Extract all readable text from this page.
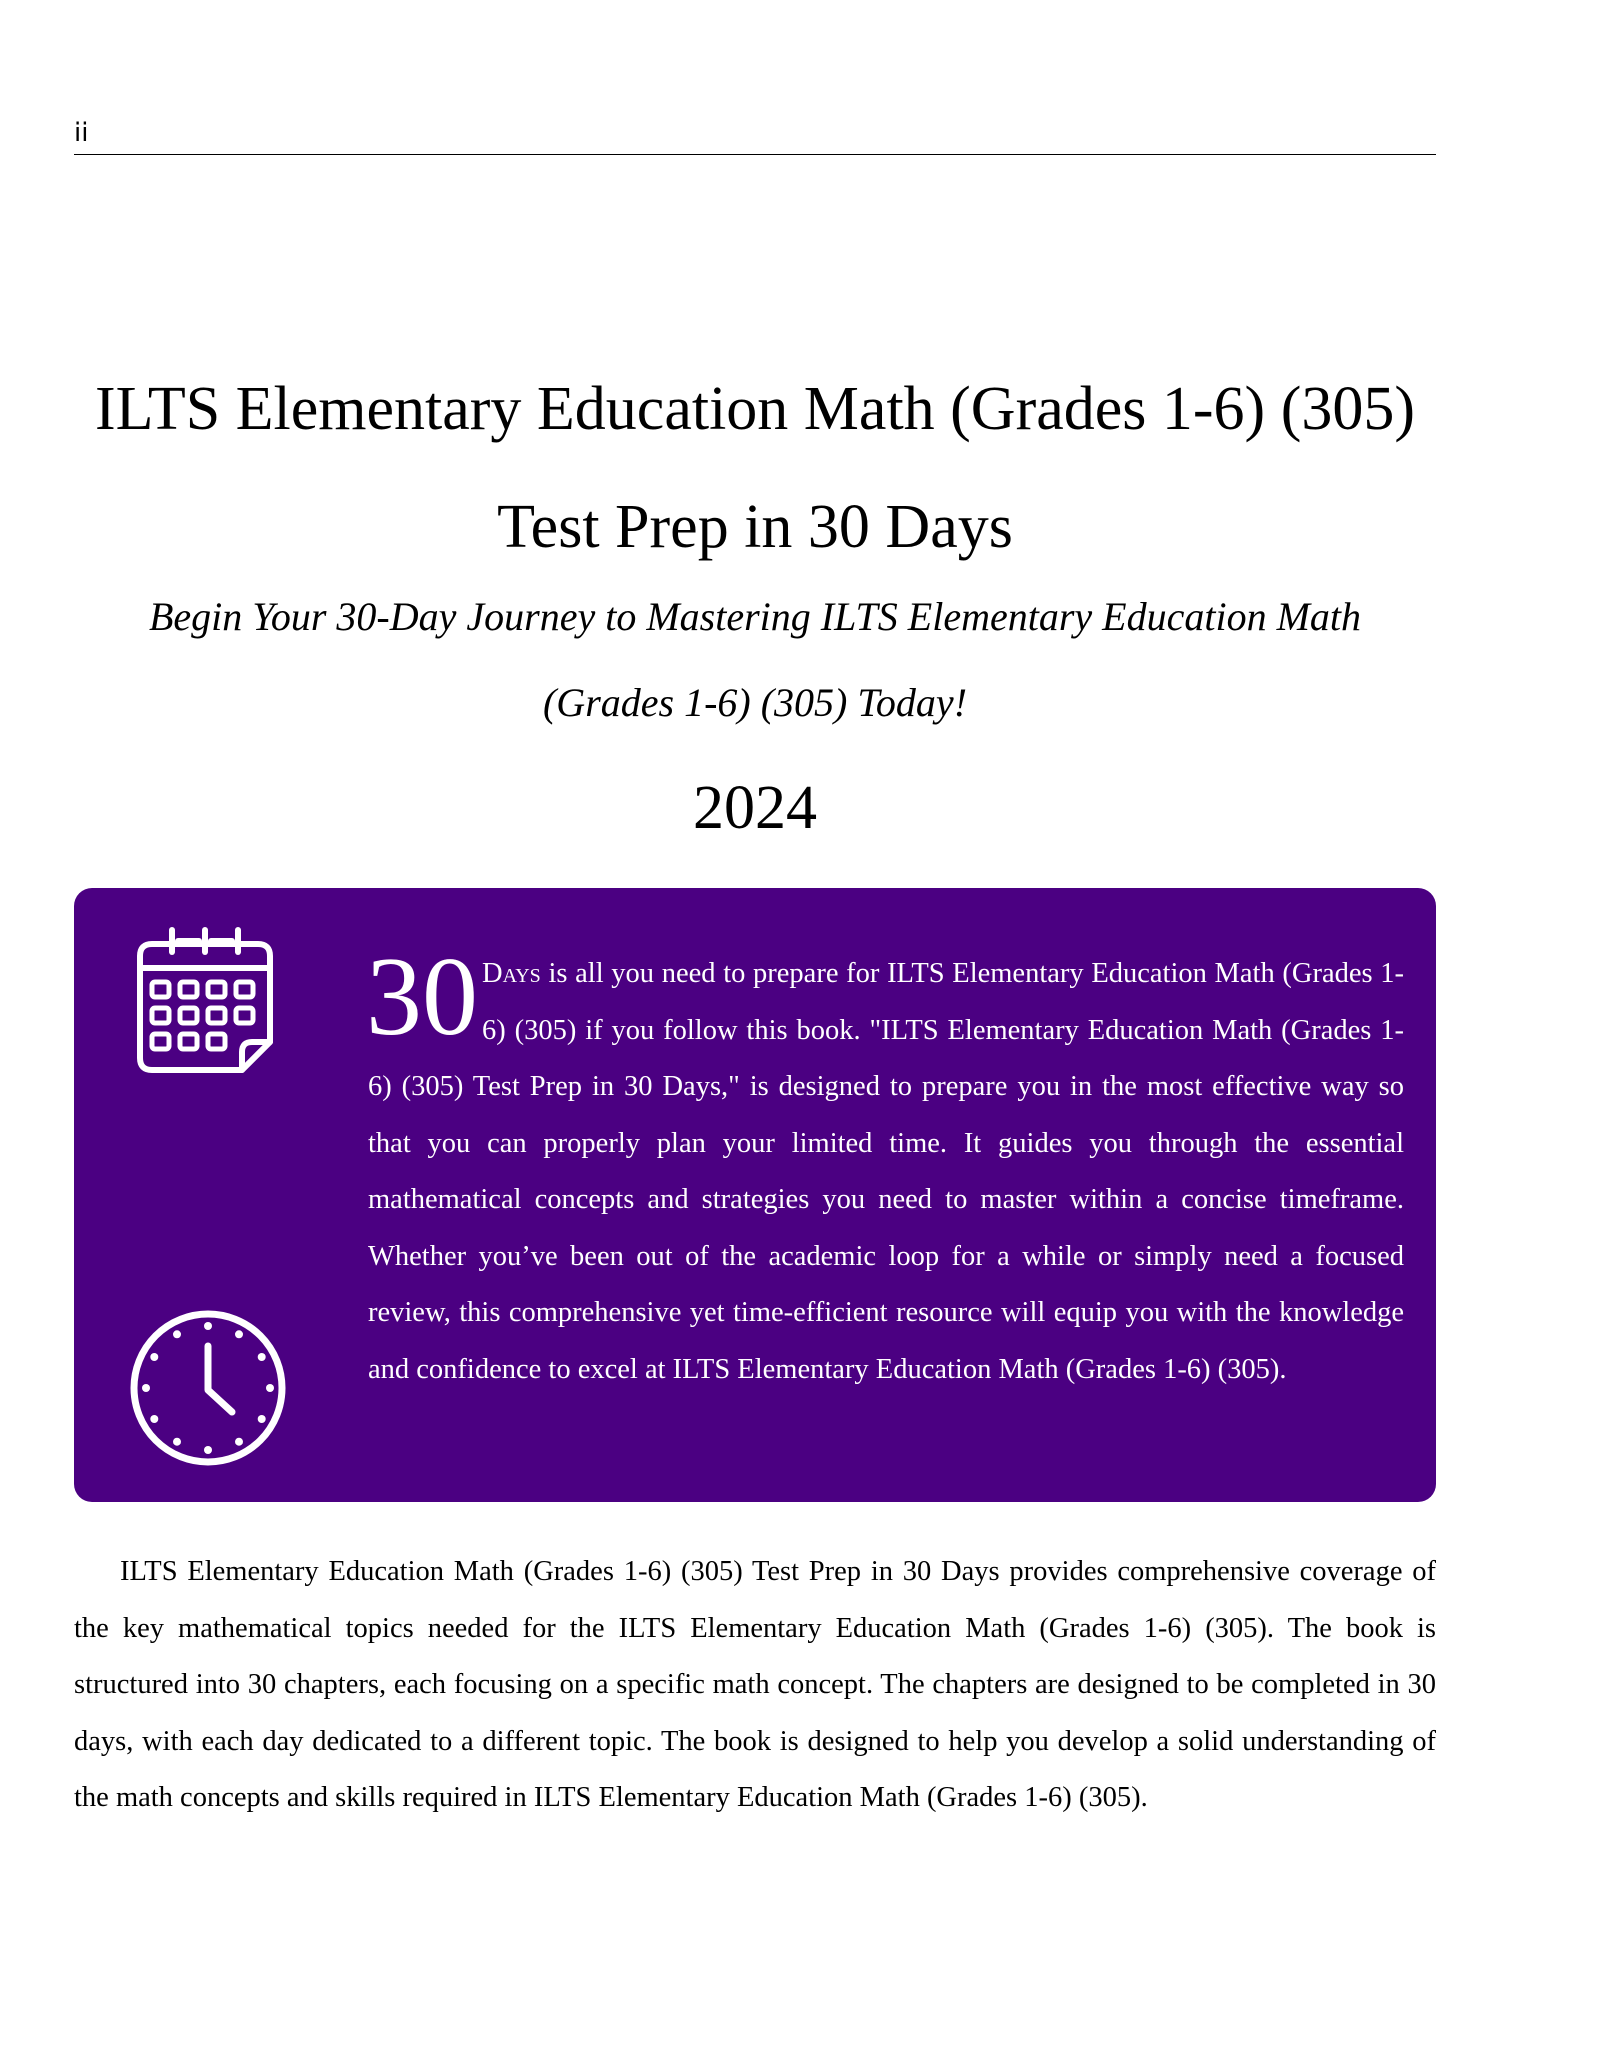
ii
ILTS Elementary Education Math (Grades 1-6) (305)
Test Prep in 30 Days

Begin Your 30-Day Journey to Mastering ILTS Elementary Education Math
(Grades 1-6) (305) Today!

2024

30 Days is all you need to prepare for ILTS Elementary Education Math (Grades 1-6) (305) if you follow this book. "ILTS Elementary Education Math (Grades 1-6) (305) Test Prep in 30 Days," is designed to prepare you in the most effective way so that you can properly plan your limited time. It guides you through the essential mathematical concepts and strategies you need to master within a concise timeframe. Whether you’ve been out of the academic loop for a while or simply need a focused review, this comprehensive yet time-efficient resource will equip you with the knowledge and confidence to excel at ILTS Elementary Education Math (Grades 1-6) (305).

ILTS Elementary Education Math (Grades 1-6) (305) Test Prep in 30 Days provides comprehensive coverage of the key mathematical topics needed for the ILTS Elementary Education Math (Grades 1-6) (305). The book is structured into 30 chapters, each focusing on a specific math concept. The chapters are designed to be completed in 30 days, with each day dedicated to a different topic. The book is designed to help you develop a solid understanding of the math concepts and skills required in ILTS Elementary Education Math (Grades 1-6) (305).
